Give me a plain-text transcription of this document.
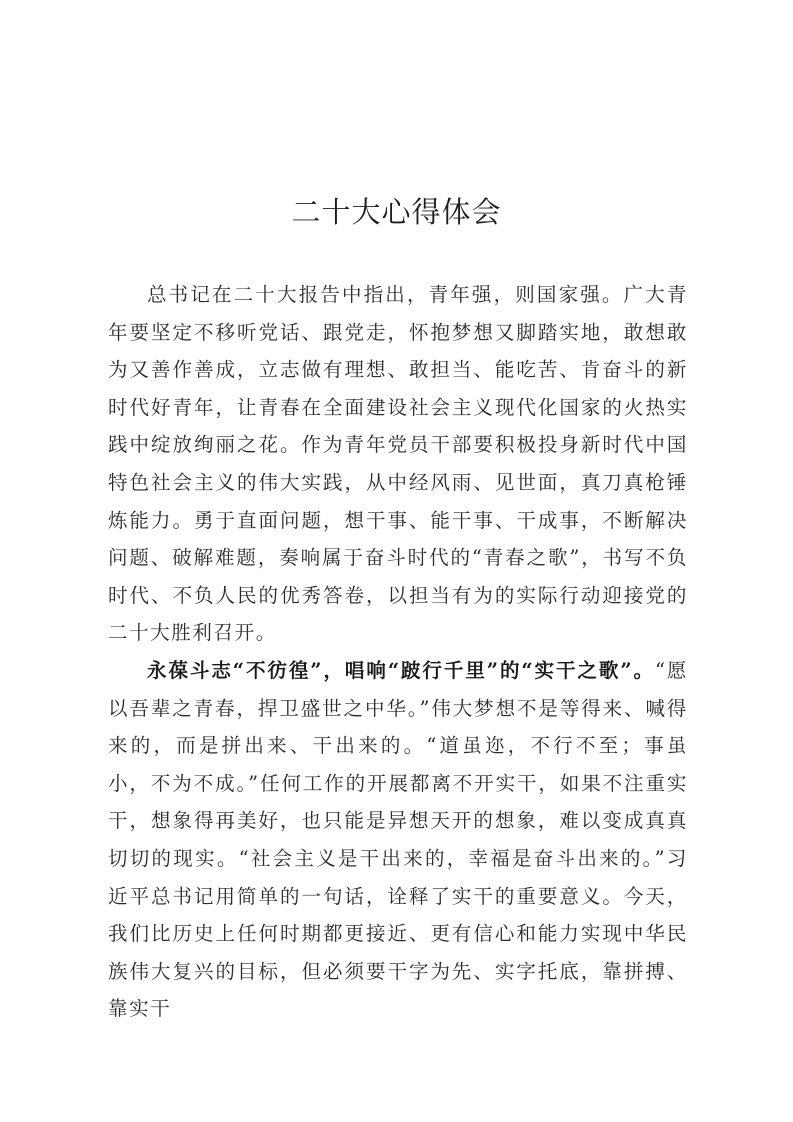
二十大心得体会

总书记在二十大报告中指出，青年强，则国家强。广大青年要坚定不移听党话、跟党走，怀抱梦想又脚踏实地，敢想敢为又善作善成，立志做有理想、敢担当、能吃苦、肯奋斗的新时代好青年，让青春在全面建设社会主义现代化国家的火热实践中绽放绚丽之花。作为青年党员干部要积极投身新时代中国特色社会主义的伟大实践，从中经风雨、见世面，真刀真枪锤炼能力。勇于直面问题，想干事、能干事、干成事，不断解决问题、破解难题，奏响属于奋斗时代的“青春之歌”，书写不负时代、不负人民的优秀答卷，以担当有为的实际行动迎接党的二十大胜利召开。

永葆斗志“不彷徨”，唱响“跛行千里”的“实干之歌”。“愿以吾辈之青春，捍卫盛世之中华。”伟大梦想不是等得来、喊得来的，而是拼出来、干出来的。“道虽迩，不行不至；事虽小，不为不成。”任何工作的开展都离不开实干，如果不注重实干，想象得再美好，也只能是异想天开的想象，难以变成真真切切的现实。“社会主义是干出来的，幸福是奋斗出来的。”习近平总书记用简单的一句话，诠释了实干的重要意义。今天，我们比历史上任何时期都更接近、更有信心和能力实现中华民族伟大复兴的目标，但必须要干字为先、实字托底，靠拼搏、靠实干
